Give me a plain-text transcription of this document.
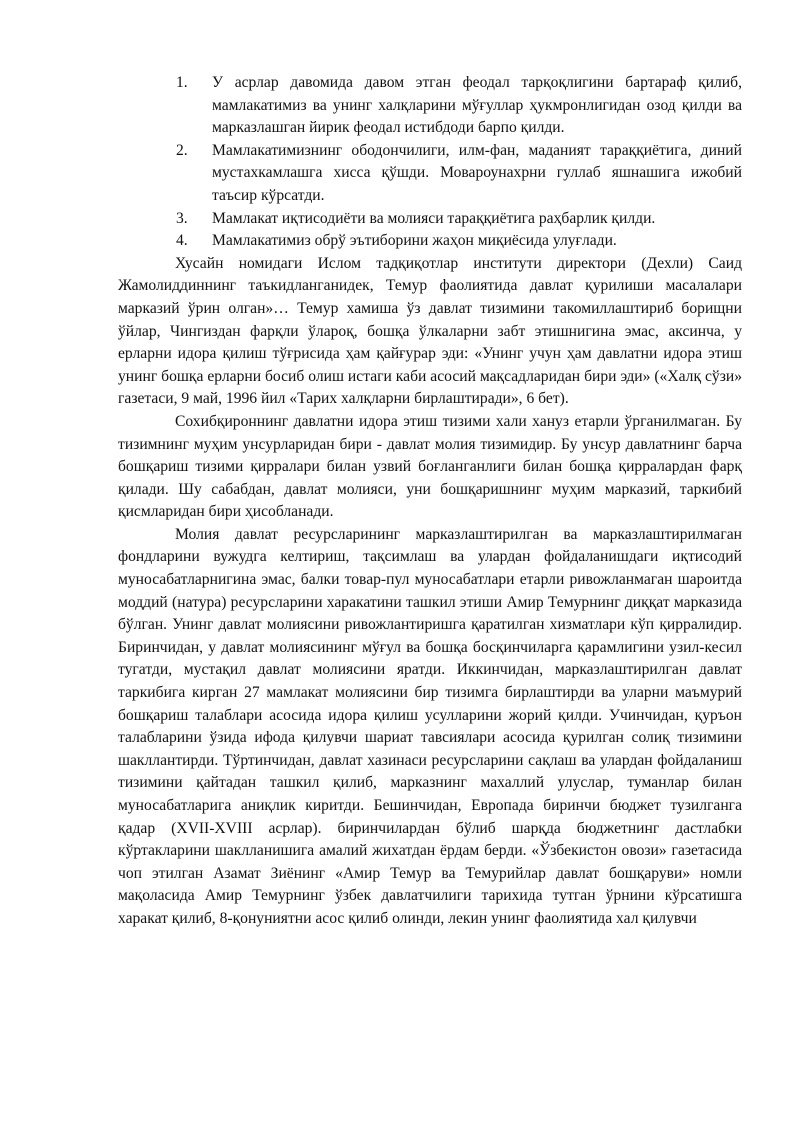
1. У асрлар давомида давом этган феодал тарқоқлигини бартараф қилиб, мамлакатимиз ва унинг халқларини мўғуллар ҳукмронлигидан озод қилди ва марказлашган йирик феодал истибдоди барпо қилди.
2. Мамлакатимизнинг ободончилиги, илм-фан, маданият тараққиётига, диний мустахкамлашга хисса қўшди. Мовароунахрни гуллаб яшнашига ижобий таъсир кўрсатди.
3. Мамлакат иқтисодиёти ва молияси тараққиётига раҳбарлик қилди.
4. Мамлакатимиз обрў эътиборини жаҳон миқиёсида улуғлади.

Хусайн номидаги Ислом тадқиқотлар институти директори (Дехли) Саид Жамолиддиннинг таъкидланганидек, Темур фаолиятида давлат қурилиши масалалари марказий ўрин олган»… Темур хамиша ўз давлат тизимини такомиллаштириб борищни ўйлар, Чингиздан фарқли ўлароқ, бошқа ўлкаларни забт этишнигина эмас, аксинча, у ерларни идора қилиш тўғрисида ҳам қайғурар эди: «Унинг учун ҳам давлатни идора этиш унинг бошқа ерларни босиб олиш истаги каби асосий мақсадларидан бири эди» («Халқ сўзи» газетаси, 9 май, 1996 йил «Тарих халқларни бирлаштиради», 6 бет).

Сохибқироннинг давлатни идора этиш тизими хали хануз етарли ўрганилмаган. Бу тизимнинг муҳим унсурларидан бири - давлат молия тизимидир. Бу унсур давлатнинг барча бошқариш тизими қирралари билан узвий боғланганлиги билан бошқа қирралардан фарқ қилади. Шу сабабдан, давлат молияси, уни бошқаришнинг муҳим марказий, таркибий қисмларидан бири ҳисобланади.

Молия давлат ресурсларининг марказлаштирилган ва марказлаштирилмаган фондларини вужудга келтириш, тақсимлаш ва улардан фойдаланишдаги иқтисодий муносабатларнигина эмас, балки товар-пул муносабатлари етарли ривожланмаган шароитда моддий (натура) ресурсларини харакатини ташкил этиши Амир Темурнинг диққат марказида бўлган. Унинг давлат молиясини ривожлантиришга қаратилган хизматлари кўп қирралидир. Биринчидан, у давлат молиясининг мўғул ва бошқа босқинчиларга қарамлигини узил-кесил тугатди, мустақил давлат молиясини яратди. Иккинчидан, марказлаштирилган давлат таркибига кирган 27 мамлакат молиясини бир тизимга бирлаштирди ва уларни маъмурий бошқариш талаблари асосида идора қилиш усулларини жорий қилди. Учинчидан, қуръон талабларини ўзида ифода қилувчи шариат тавсиялари асосида қурилган солиқ тизимини шакллантирди. Тўртинчидан, давлат хазинаси ресурсларини сақлаш ва улардан фойдаланиш тизимини қайтадан ташкил қилиб, марказнинг махаллий улуслар, туманлар билан муносабатларига аниқлик киритди. Бешинчидан, Европада биринчи бюджет тузилганга қадар (XVII-XVIII асрлар). биринчилардан бўлиб шарқда бюджетнинг дастлабки кўртакларини шаклланишига амалий жихатдан ёрдам берди. «Ўзбекистон овози» газетасида чоп этилган Азамат Зиёнинг «Амир Темур ва Темурийлар давлат бошқаруви» номли мақоласида Амир Темурнинг ўзбек давлатчилиги тарихида тутган ўрнини кўрсатишга харакат қилиб, 8-қонуниятни асос қилиб олинди, лекин унинг фаолиятида хал қилувчи
